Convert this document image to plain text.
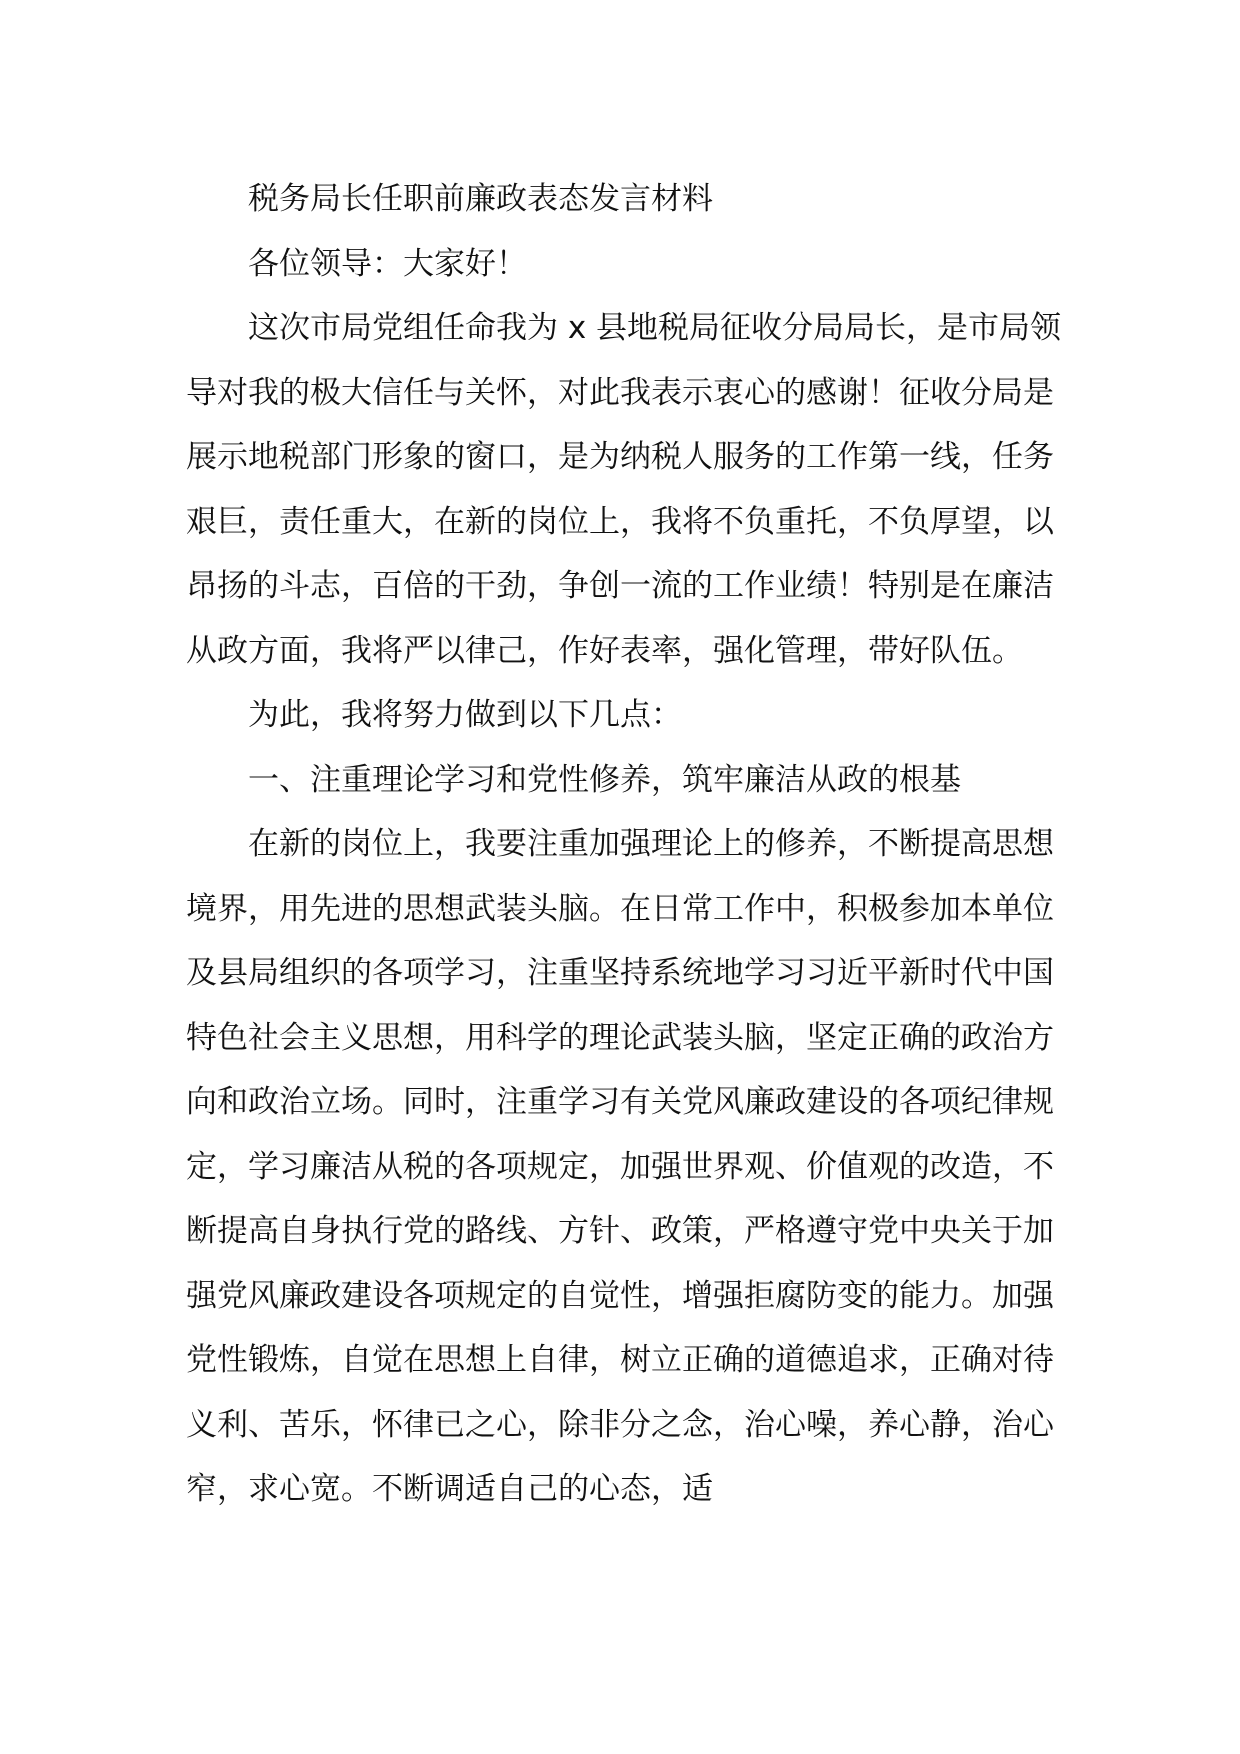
税务局长任职前廉政表态发言材料

各位领导：大家好！

这次市局党组任命我为 x 县地税局征收分局局长，是市局领导对我的极大信任与关怀，对此我表示衷心的感谢！征收分局是展示地税部门形象的窗口，是为纳税人服务的工作第一线，任务艰巨，责任重大，在新的岗位上，我将不负重托，不负厚望，以昂扬的斗志，百倍的干劲，争创一流的工作业绩！特别是在廉洁从政方面，我将严以律己，作好表率，强化管理，带好队伍。

为此，我将努力做到以下几点：

一、注重理论学习和党性修养，筑牢廉洁从政的根基

在新的岗位上，我要注重加强理论上的修养，不断提高思想境界，用先进的思想武装头脑。在日常工作中，积极参加本单位及县局组织的各项学习，注重坚持系统地学习习近平新时代中国特色社会主义思想，用科学的理论武装头脑，坚定正确的政治方向和政治立场。同时，注重学习有关党风廉政建设的各项纪律规定，学习廉洁从税的各项规定，加强世界观、价值观的改造，不断提高自身执行党的路线、方针、政策，严格遵守党中央关于加强党风廉政建设各项规定的自觉性，增强拒腐防变的能力。加强党性锻炼，自觉在思想上自律，树立正确的道德追求，正确对待义利、苦乐，怀律已之心，除非分之念，治心噪，养心静，治心窄，求心宽。不断调适自己的心态，适
